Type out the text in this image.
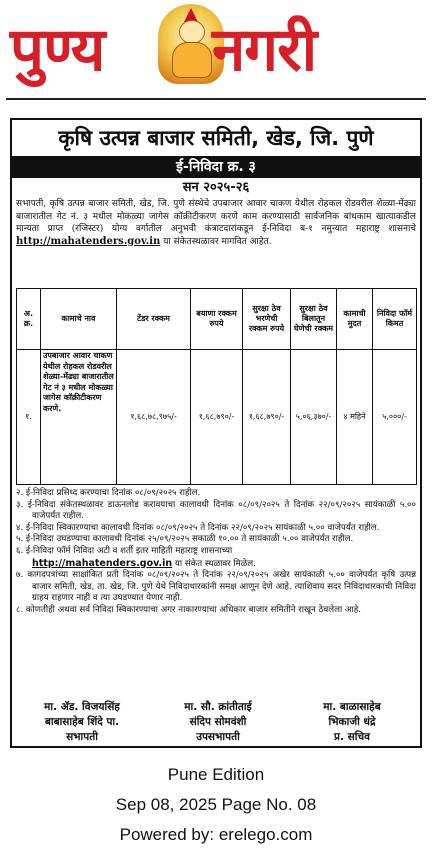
पुण्य नगरी
कृषि उत्पन्न बाजार समिती, खेड, जि. पुणे
ई-निविदा क्र. ३
सन २०२५-२६
सभापती, कृषि उत्पन्न बाजार समिती, खेड, जि. पुणे संस्थेचे उपबाजार आवार चाकण येथील रोहकल रोडवरील शेळ्या-मेंढ्या बाजारातील गेट नं. ३ मधील मोकळ्या जागेस कॉक्रीटीकरण करणे काम करण्यासाठी सार्वजनिक बांधकाम खात्याकडील मान्यता प्राप्त (रजिस्टर) योग्य वर्गातील अनुभवी कंत्राटदारांकडून ई-निविदा ब-१ नमुन्यात महाराष्ट्र शासनाचे http://mahatenders.gov.in या संकेतस्थळावर मागवित आहेत.
अ. क्र.	कामाचे नाव	टेंडर रक्कम	बयाणा रक्कम रुपये	सुरक्षा ठेव भरणेची रक्कम रुपये	सुरक्षा ठेव बिलातून घेणेची रक्कम	कामाची मुदत	निविदा फॉर्म किमत
१.	उपबाजार आवार चाकण येथील रोहकल रोडवरील शेळ्या-मेंढ्या बाजारातील गेट नं ३ मधील मोकळ्या जागेस कॉक्रीटीकरण करणे.	१,६८,७८,९७५/-	१,६८,७९०/-	१,६८,७९०/-	५,०६,३७०/-	४ महिने	५,०००/-
२. ई-निविदा प्रसिध्द करण्याचा दिनांक ०८/०९/२०२५ राहील.
३. ई-निविदा संकेतस्थळावर डाऊनलोड करावयाचा कालावधी दिनांक ०८/०९/२०२५ ते दिनांक २२/०९/२०२५ सायंकाळी ५.०० वाजेपर्यंत राहील.
४. ई-निविदा स्विकारण्याचा कालावधी दिनांक ०८/०९/२०२५ ते दिनांक २२/०९/२०२५ सायंकाळी ५.०० वाजेपर्यंत राहील.
५. ई-निविदा उघडण्याचा कालावधी दिनांक २५/०९/२०२५ सकाळी १०.०० ते सायंकाळी ५.०० वाजेपर्यंत राहील.
६. ई-निविदा फॉर्म निविदा अटी व शर्ती इतर माहिती महाराष्ट्र शासनाच्या
http://mahatenders.gov.in या संकेत स्थळावर मिळेल.
७. कागदपत्रांच्या साक्षांकित प्रती दिनांक ०८/०९/२०२५ ते दिनांक २२/०९/२०२५ अखेर सायंकाळी ५.०० वाजेपर्यंत कृषि उत्पन्न बाजार समिती, खेड, ता. खेड, जि. पुणे येथे निविदाधारकांनी समक्ष आणून देणे आहे. त्याशिवाय सदर निविदाधारकाची निविदा ग्राहय राहणार नाही व त्या उघडण्यात येणार नाही.
८. कोणतीही अथवा सर्व निविदा स्विकारण्याचा अगर नाकारण्याचा अधिकार बाजार समितीने राखून ठेवलेला आहे.
मा. ॲड. विजयसिंह
बाबासाहेब शिंदे पा.
सभापती
मा. सौ. क्रांतीताई
संदिप सोमवंशी
उपसभापती
मा. बाळासाहेब
भिकाजी धंद्रे
प्र. सचिव
Pune Edition
Sep 08, 2025 Page No. 08
Powered by: erelego.com
